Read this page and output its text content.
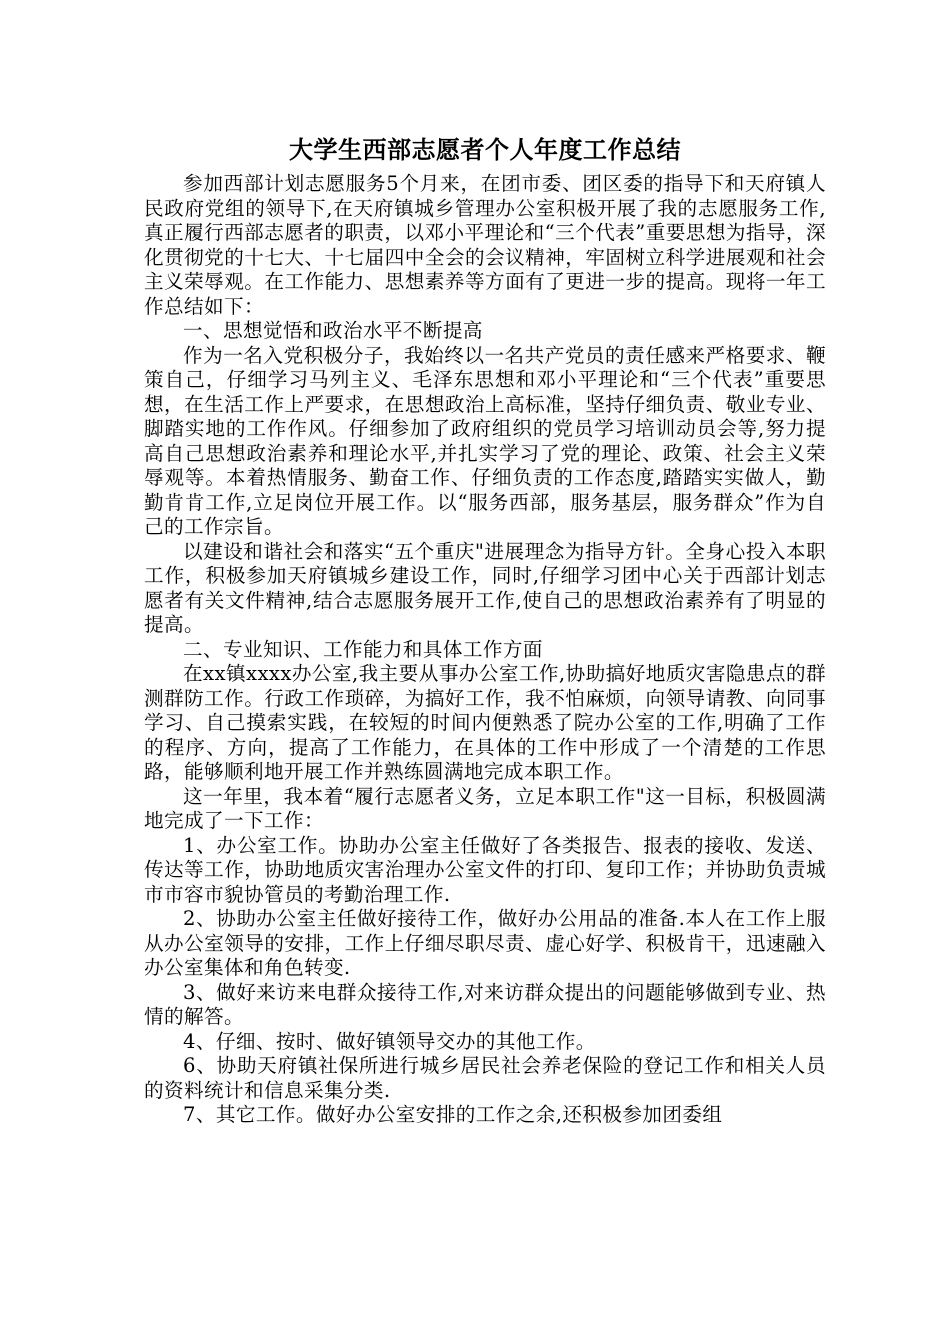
大学生西部志愿者个人年度工作总结

参加西部计划志愿服务5个月来，在团市委、团区委的指导下和天府镇人民政府党组的领导下,在天府镇城乡管理办公室积极开展了我的志愿服务工作,真正履行西部志愿者的职责，以邓小平理论和“三个代表”重要思想为指导，深化贯彻党的十七大、十七届四中全会的会议精神，牢固树立科学进展观和社会主义荣辱观。在工作能力、思想素养等方面有了更进一步的提高。现将一年工作总结如下：

一、思想觉悟和政治水平不断提高

作为一名入党积极分子，我始终以一名共产党员的责任感来严格要求、鞭策自己，仔细学习马列主义、毛泽东思想和邓小平理论和“三个代表”重要思想，在生活工作上严要求，在思想政治上高标准，坚持仔细负责、敬业专业、脚踏实地的工作作风。仔细参加了政府组织的党员学习培训动员会等,努力提高自己思想政治素养和理论水平,并扎实学习了党的理论、政策、社会主义荣辱观等。本着热情服务、勤奋工作、仔细负责的工作态度,踏踏实实做人，勤勤肯肯工作,立足岗位开展工作。以“服务西部，服务基层，服务群众”作为自己的工作宗旨。

以建设和谐社会和落实“五个重庆"进展理念为指导方针。全身心投入本职工作，积极参加天府镇城乡建设工作，同时,仔细学习团中心关于西部计划志愿者有关文件精神,结合志愿服务展开工作,使自己的思想政治素养有了明显的提高。

二、专业知识、工作能力和具体工作方面

在xx镇xxxx办公室,我主要从事办公室工作,协助搞好地质灾害隐患点的群测群防工作。行政工作琐碎，为搞好工作，我不怕麻烦，向领导请教、向同事学习、自己摸索实践，在较短的时间内便熟悉了院办公室的工作,明确了工作的程序、方向，提高了工作能力，在具体的工作中形成了一个清楚的工作思路，能够顺利地开展工作并熟练圆满地完成本职工作。

这一年里，我本着“履行志愿者义务，立足本职工作"这一目标，积极圆满地完成了一下工作：

1、办公室工作。协助办公室主任做好了各类报告、报表的接收、发送、传达等工作，协助地质灾害治理办公室文件的打印、复印工作；并协助负责城市市容市貌协管员的考勤治理工作.

2、协助办公室主任做好接待工作，做好办公用品的准备.本人在工作上服从办公室领导的安排，工作上仔细尽职尽责、虚心好学、积极肯干，迅速融入办公室集体和角色转变.

3、做好来访来电群众接待工作,对来访群众提出的问题能够做到专业、热情的解答。

4、仔细、按时、做好镇领导交办的其他工作。

6、协助天府镇社保所进行城乡居民社会养老保险的登记工作和相关人员的资料统计和信息采集分类.

7、其它工作。做好办公室安排的工作之余,还积极参加团委组
